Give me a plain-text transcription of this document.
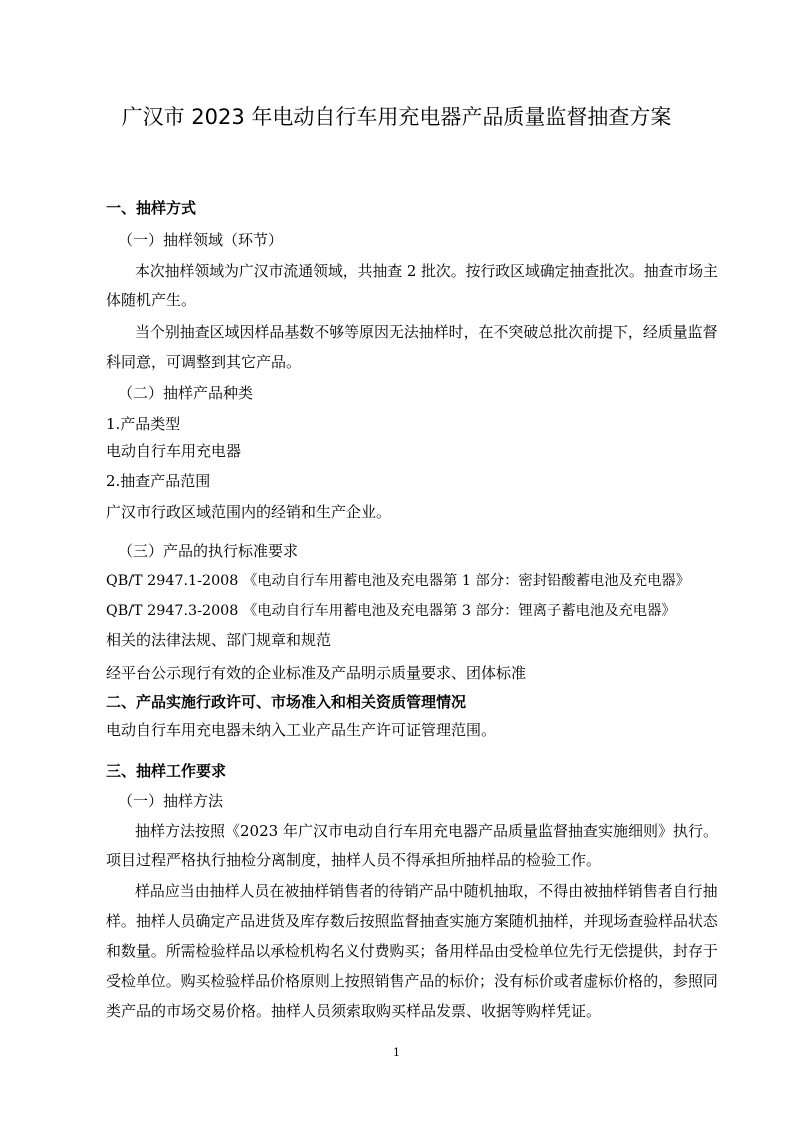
广汉市 2023 年电动自行车用充电器产品质量监督抽查方案
一、抽样方式
（一）抽样领域（环节）
本次抽样领域为广汉市流通领域，共抽查 2 批次。按行政区域确定抽查批次。抽查市场主
体随机产生。
当个别抽查区域因样品基数不够等原因无法抽样时，在不突破总批次前提下，经质量监督
科同意，可调整到其它产品。
（二）抽样产品种类
1.产品类型
电动自行车用充电器
2.抽查产品范围
广汉市行政区域范围内的经销和生产企业。
（三）产品的执行标准要求
QB/T 2947.1-2008 《电动自行车用蓄电池及充电器第 1 部分：密封铅酸蓄电池及充电器》
QB/T 2947.3-2008 《电动自行车用蓄电池及充电器第 3 部分：锂离子蓄电池及充电器》
相关的法律法规、部门规章和规范
经平台公示现行有效的企业标准及产品明示质量要求、团体标准
二、产品实施行政许可、市场准入和相关资质管理情况
电动自行车用充电器未纳入工业产品生产许可证管理范围。
三、抽样工作要求
（一）抽样方法
抽样方法按照《2023 年广汉市电动自行车用充电器产品质量监督抽查实施细则》执行。
项目过程严格执行抽检分离制度，抽样人员不得承担所抽样品的检验工作。
样品应当由抽样人员在被抽样销售者的待销产品中随机抽取，不得由被抽样销售者自行抽
样。抽样人员确定产品进货及库存数后按照监督抽查实施方案随机抽样，并现场查验样品状态
和数量。所需检验样品以承检机构名义付费购买；备用样品由受检单位先行无偿提供，封存于
受检单位。购买检验样品价格原则上按照销售产品的标价；没有标价或者虚标价格的，参照同
类产品的市场交易价格。抽样人员须索取购买样品发票、收据等购样凭证。
1
